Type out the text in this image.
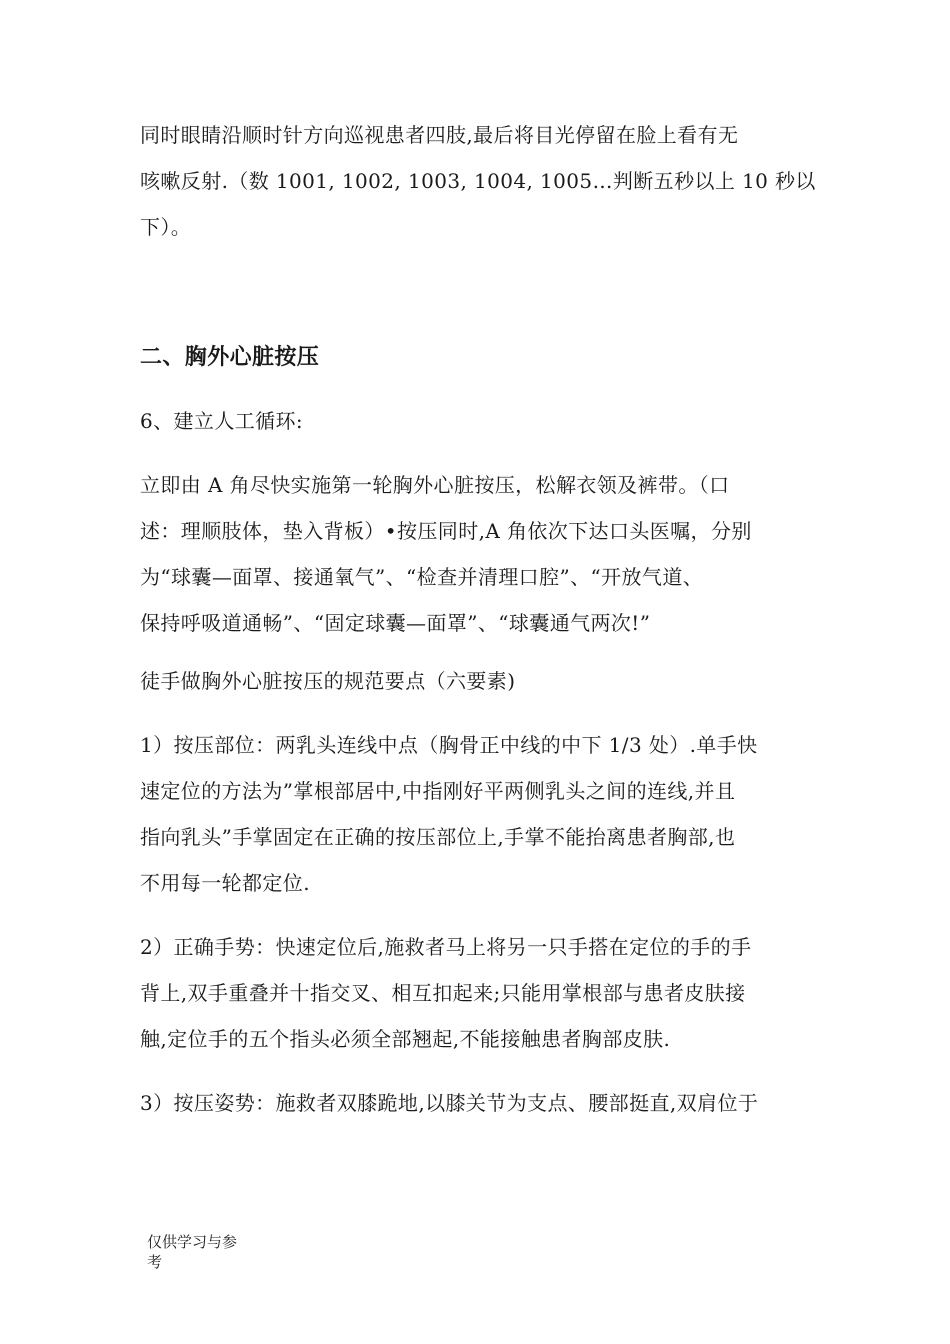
同时眼睛沿顺时针方向巡视患者四肢,最后将目光停留在脸上看有无
咳嗽反射.（数 1001, 1002, 1003, 1004, 1005…判断五秒以上 10 秒以
下）。

二、胸外心脏按压

6、建立人工循环:

立即由 A 角尽快实施第一轮胸外心脏按压，松解衣领及裤带。（口
述：理顺肢体，垫入背板）•按压同时,A 角依次下达口头医嘱，分别
为“球囊—面罩、接通氧气”、“检查并清理口腔”、“开放气道、
保持呼吸道通畅”、“固定球囊—面罩”、“球囊通气两次!”

徒手做胸外心脏按压的规范要点（六要素)

1）按压部位：两乳头连线中点（胸骨正中线的中下 1/3 处）.单手快
速定位的方法为”掌根部居中,中指刚好平两侧乳头之间的连线,并且
指向乳头”手掌固定在正确的按压部位上,手掌不能抬离患者胸部,也
不用每一轮都定位.

2）正确手势：快速定位后,施救者马上将另一只手搭在定位的手的手
背上,双手重叠并十指交叉、相互扣起来;只能用掌根部与患者皮肤接
触,定位手的五个指头必须全部翘起,不能接触患者胸部皮肤.

3）按压姿势：施救者双膝跪地,以膝关节为支点、腰部挺直,双肩位于

仅供学习与参
考
